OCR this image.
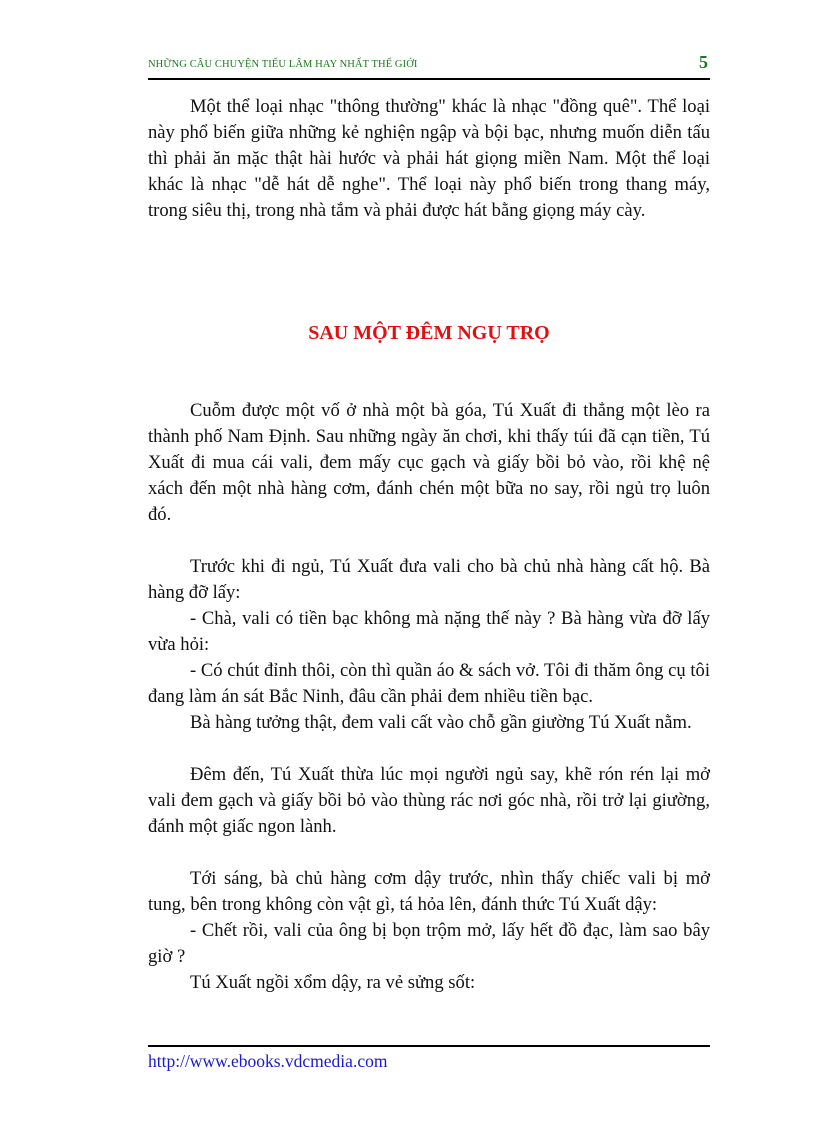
NHỮNG CÂU CHUYỆN TIẾU LÂM HAY NHẤT THẾ GIỚI	5

Một thể loại nhạc "thông thường" khác là nhạc "đồng quê". Thể loại này phổ biến giữa những kẻ nghiện ngập và bội bạc, nhưng muốn diễn tấu thì phải ăn mặc thật hài hước và phải hát giọng miền Nam. Một thể loại khác là nhạc "dễ hát dễ nghe". Thể loại này phổ biến trong thang máy, trong siêu thị, trong nhà tắm và phải được hát bằng giọng máy cày.

SAU MỘT ĐÊM NGỤ TRỌ

Cuỗm được một vố ở nhà một bà góa, Tú Xuất đi thẳng một lèo ra thành phố Nam Định. Sau những ngày ăn chơi, khi thấy túi đã cạn tiền, Tú Xuất đi mua cái vali, đem mấy cục gạch và giấy bồi bỏ vào, rồi khệ nệ xách đến một nhà hàng cơm, đánh chén một bữa no say, rồi ngủ trọ luôn đó.

Trước khi đi ngủ, Tú Xuất đưa vali cho bà chủ nhà hàng cất hộ. Bà hàng đỡ lấy:

- Chà, vali có tiền bạc không mà nặng thế này ? Bà hàng vừa đỡ lấy vừa hỏi:

- Có chút đỉnh thôi, còn thì quần áo & sách vở. Tôi đi thăm ông cụ tôi đang làm án sát Bắc Ninh, đâu cần phải đem nhiều tiền bạc.

Bà hàng tưởng thật, đem vali cất vào chỗ gần giường Tú Xuất nằm.

Đêm đến, Tú Xuất thừa lúc mọi người ngủ say, khẽ rón rén lại mở vali đem gạch và giấy bồi bỏ vào thùng rác nơi góc nhà, rồi trở lại giường, đánh một giấc ngon lành.

Tới sáng, bà chủ hàng cơm dậy trước, nhìn thấy chiếc vali bị mở tung, bên trong không còn vật gì, tá hỏa lên, đánh thức Tú Xuất dậy:

- Chết rồi, vali của ông bị bọn trộm mở, lấy hết đồ đạc, làm sao bây giờ ?

Tú Xuất ngồi xổm dậy, ra vẻ sửng sốt:

http://www.ebooks.vdcmedia.com
